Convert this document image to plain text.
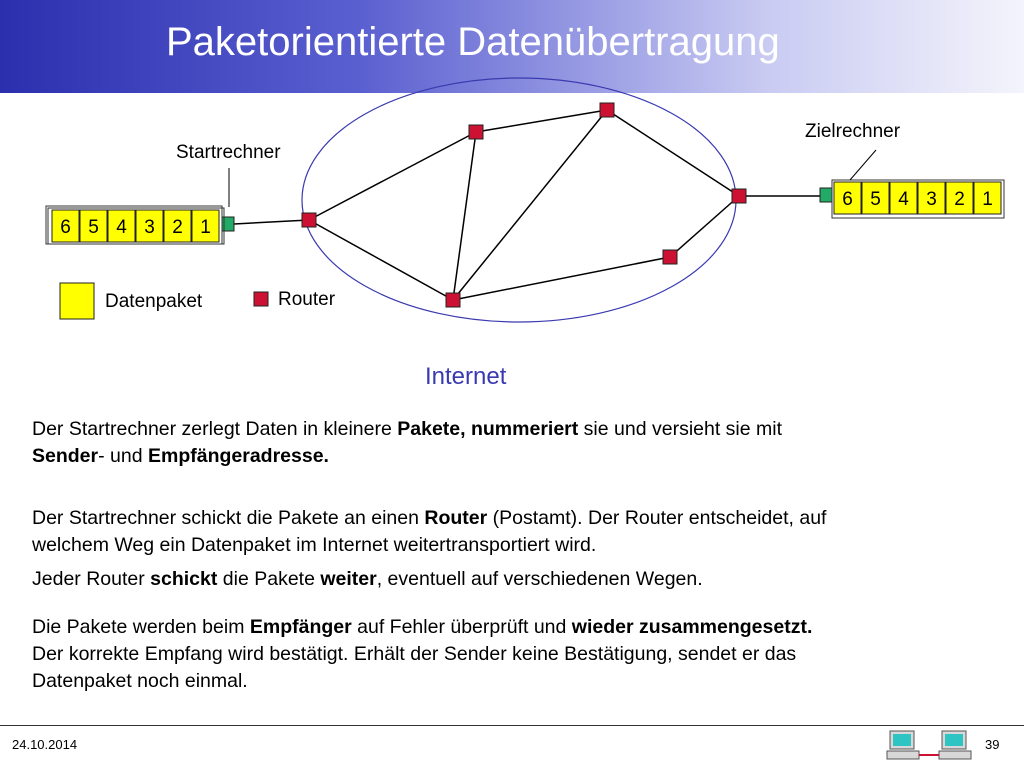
Paketorientierte Datenübertragung
6 5 4 3 2 1
6 5 4 3 2 1
Startrechner
Zielrechner
Internet
Datenpaket	Router
Der Startrechner zerlegt Daten in kleinere Pakete, nummeriert sie und versieht sie mit
Sender- und Empfängeradresse.
Der Startrechner schickt die Pakete an einen Router (Postamt). Der Router entscheidet, auf
welchem Weg ein Datenpaket im Internet weitertransportiert wird.
Jeder Router schickt die Pakete weiter, eventuell auf verschiedenen Wegen.
Die Pakete werden beim Empfänger auf Fehler überprüft und wieder zusammengesetzt.
Der korrekte Empfang wird bestätigt. Erhält der Sender keine Bestätigung, sendet er das
Datenpaket noch einmal.
24.10.2014	39
